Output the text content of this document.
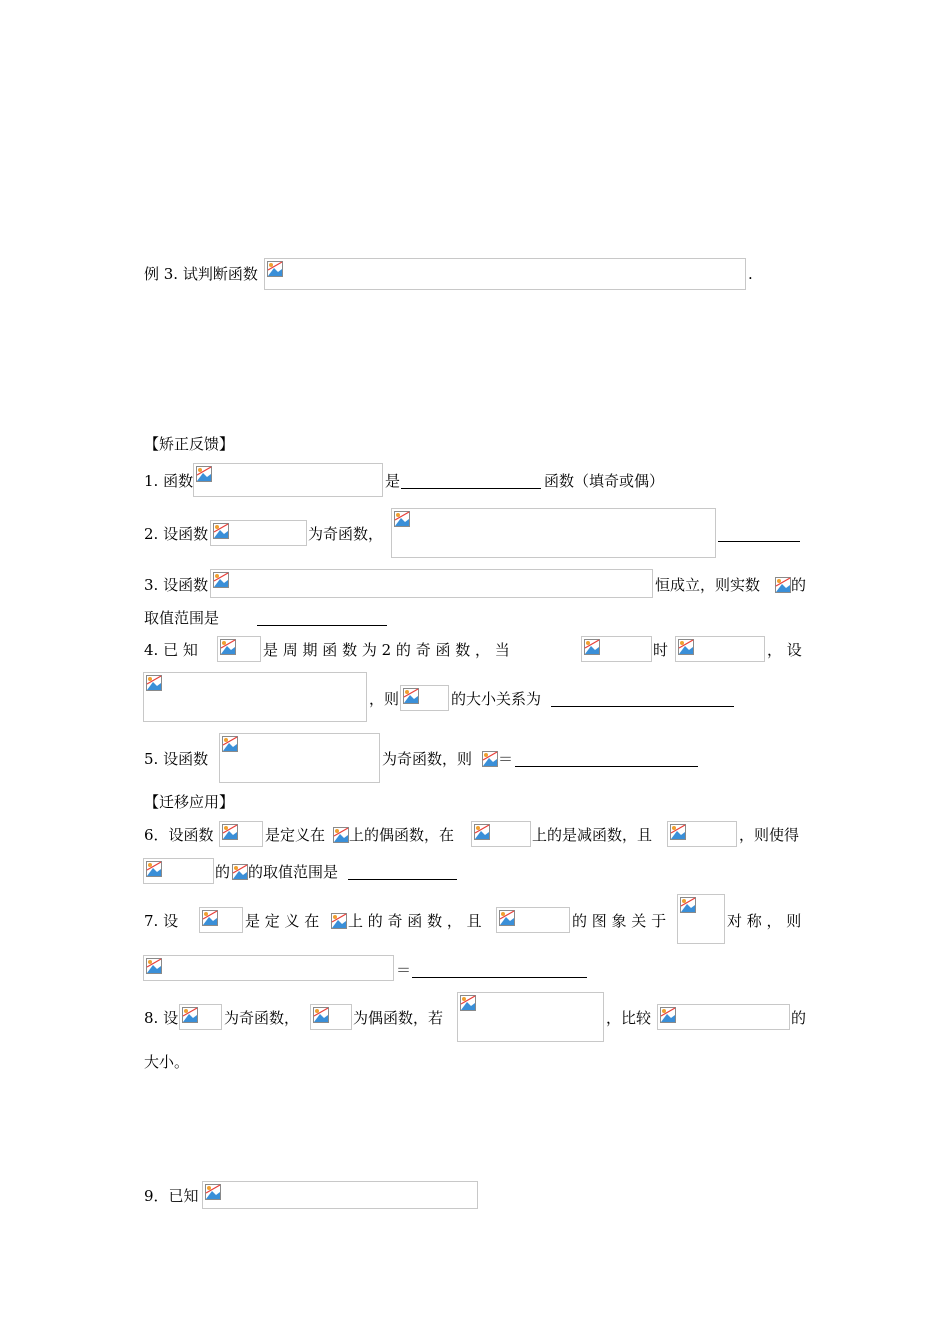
例 3. 试判断函数	.
【矫正反馈】
1. 函数	是	函数（填奇或偶）
2. 设函数	为奇函数，
3. 设函数	恒成立，则实数 的
取值范围是
4. 已 知	是 周 期 函 数 为 2 的 奇 函 数 ， 当	时	， 设
，则	的大小关系为
5. 设函数	为奇函数，则 ＝
【迁移应用】
6．设函数	是定义在 上的偶函数，在	上的是减函数，且	，则使得
的 的取值范围是
7. 设	是 定 义 在 上 的 奇 函 数 ， 且	的 图 象 关 于	对 称 ， 则
＝
8. 设	为奇函数，	为偶函数，若	，比较	的
大小。
9．已知
